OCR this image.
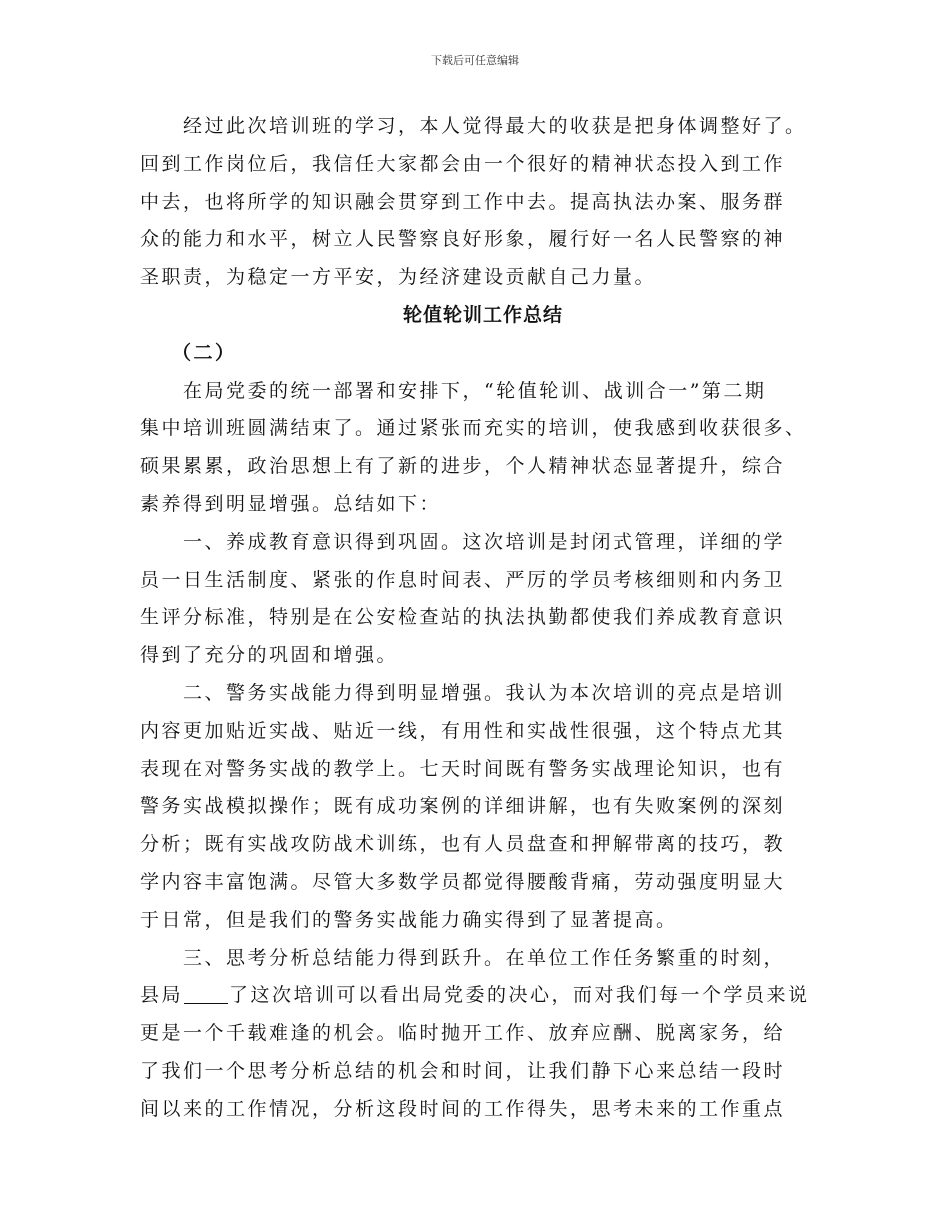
下载后可任意编辑
经过此次培训班的学习，本人觉得最大的收获是把身体调整好了。
回到工作岗位后，我信任大家都会由一个很好的精神状态投入到工作
中去，也将所学的知识融会贯穿到工作中去。提高执法办案、服务群
众的能力和水平，树立人民警察良好形象，履行好一名人民警察的神
圣职责，为稳定一方平安，为经济建设贡献自己力量。
轮值轮训工作总结
（二）
在局党委的统一部署和安排下，“轮值轮训、战训合一”第二期
集中培训班圆满结束了。通过紧张而充实的培训，使我感到收获很多、
硕果累累，政治思想上有了新的进步，个人精神状态显著提升，综合
素养得到明显增强。总结如下：
一、养成教育意识得到巩固。这次培训是封闭式管理，详细的学
员一日生活制度、紧张的作息时间表、严厉的学员考核细则和内务卫
生评分标准，特别是在公安检查站的执法执勤都使我们养成教育意识
得到了充分的巩固和增强。
二、警务实战能力得到明显增强。我认为本次培训的亮点是培训
内容更加贴近实战、贴近一线，有用性和实战性很强，这个特点尤其
表现在对警务实战的教学上。七天时间既有警务实战理论知识，也有
警务实战模拟操作；既有成功案例的详细讲解，也有失败案例的深刻
分析；既有实战攻防战术训练，也有人员盘查和押解带离的技巧，教
学内容丰富饱满。尽管大多数学员都觉得腰酸背痛，劳动强度明显大
于日常，但是我们的警务实战能力确实得到了显著提高。
三、思考分析总结能力得到跃升。在单位工作任务繁重的时刻，
县局 了这次培训可以看出局党委的决心，而对我们每一个学员来说
更是一个千载难逢的机会。临时抛开工作、放弃应酬、脱离家务，给
了我们一个思考分析总结的机会和时间，让我们静下心来总结一段时
间以来的工作情况，分析这段时间的工作得失，思考未来的工作重点
